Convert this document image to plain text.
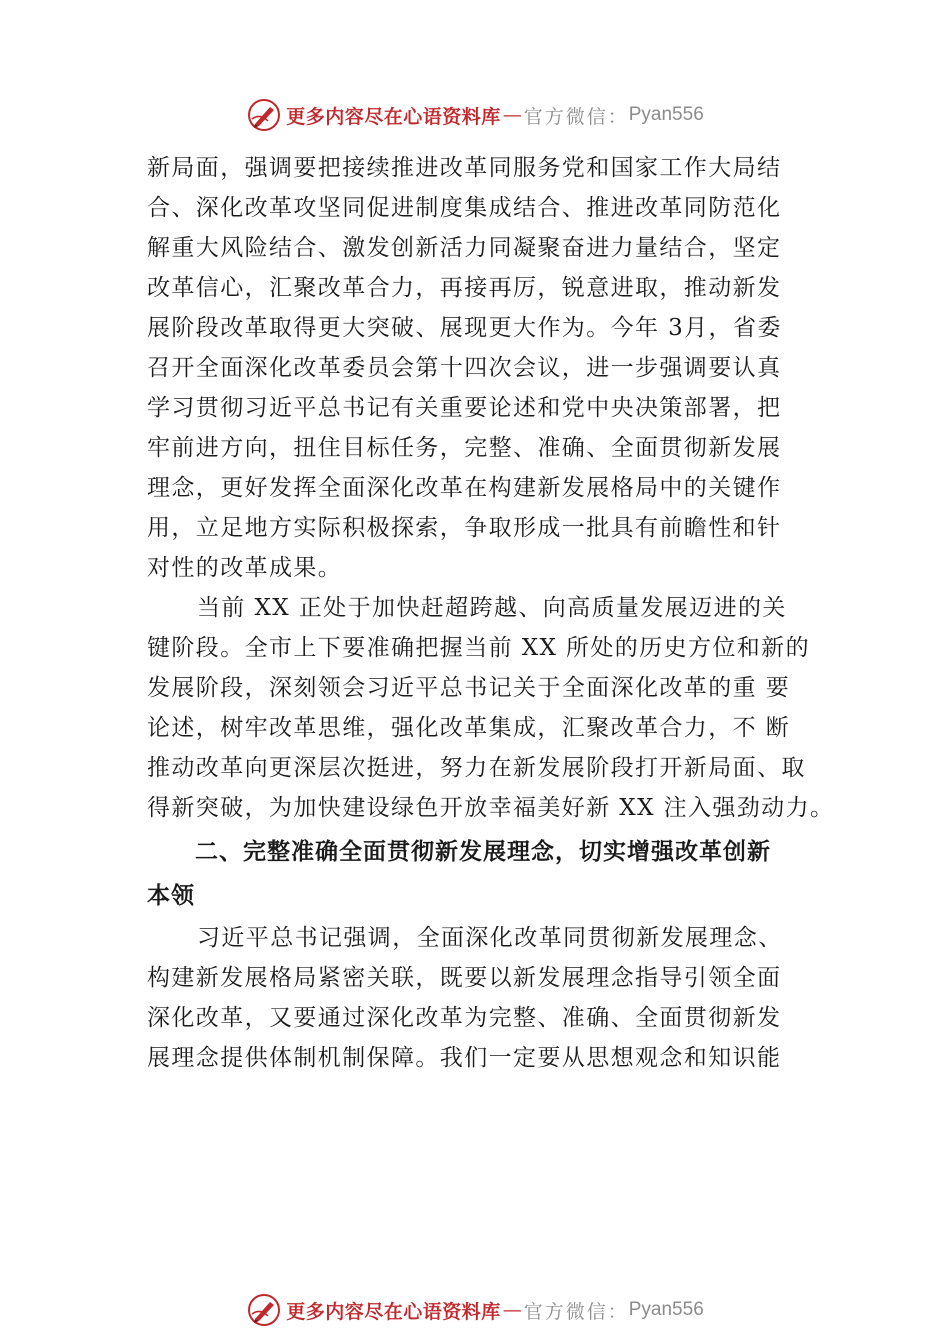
更多内容尽在心语资料库 — 官方微信： Pyan556
新局面，强调要把接续推进改革同服务党和国家工作大局结
合、深化改革攻坚同促进制度集成结合、推进改革同防范化
解重大风险结合、激发创新活力同凝聚奋进力量结合，坚定
改革信心，汇聚改革合力，再接再厉，锐意进取，推动新发
展阶段改革取得更大突破、展现更大作为。今年 3月，省委
召开全面深化改革委员会第十四次会议，进一步强调要认真
学习贯彻习近平总书记有关重要论述和党中央决策部署，把
牢前进方向，扭住目标任务，完整、准确、全面贯彻新发展
理念，更好发挥全面深化改革在构建新发展格局中的关键作
用，立足地方实际积极探索，争取形成一批具有前瞻性和针
对性的改革成果。
当前 XX 正处于加快赶超跨越、向高质量发展迈进的关
键阶段。全市上下要准确把握当前 XX 所处的历史方位和新的
发展阶段，深刻领会习近平总书记关于全面深化改革的重 要
论述，树牢改革思维，强化改革集成，汇聚改革合力，不 断
推动改革向更深层次挺进，努力在新发展阶段打开新局面、取
得新突破，为加快建设绿色开放幸福美好新 XX 注入强劲动力。
二、完整准确全面贯彻新发展理念，切实增强改革创新
本领
习近平总书记强调，全面深化改革同贯彻新发展理念、
构建新发展格局紧密关联，既要以新发展理念指导引领全面
深化改革，又要通过深化改革为完整、准确、全面贯彻新发
展理念提供体制机制保障。我们一定要从思想观念和知识能
更多内容尽在心语资料库 — 官方微信： Pyan556
